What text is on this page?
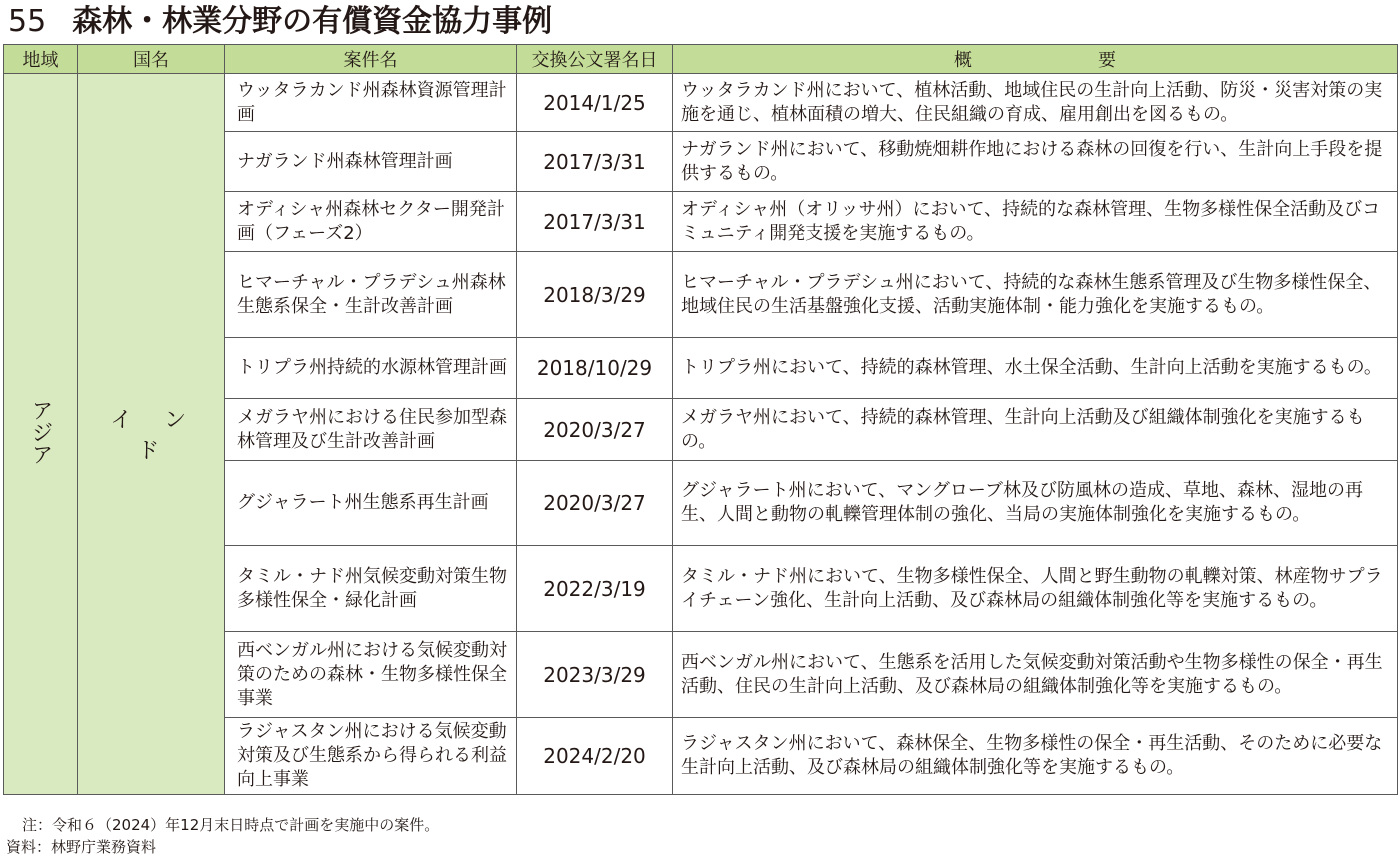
55 森林・林業分野の有償資金協力事例
地域	国名	案件名	交換公文署名日	概要
アジア	インド	ウッタラカンド州森林資源管理計画	2014/1/25	ウッタラカンド州において、植林活動、地域住民の生計向上活動、防災・災害対策の実施を通じ、植林面積の増大、住民組織の育成、雇用創出を図るもの。
		ナガランド州森林管理計画	2017/3/31	ナガランド州において、移動焼畑耕作地における森林の回復を行い、生計向上手段を提供するもの。
		オディシャ州森林セクター開発計画（フェーズ2）	2017/3/31	オディシャ州（オリッサ州）において、持続的な森林管理、生物多様性保全活動及びコミュニティ開発支援を実施するもの。
		ヒマーチャル・プラデシュ州森林生態系保全・生計改善計画	2018/3/29	ヒマーチャル・プラデシュ州において、持続的な森林生態系管理及び生物多様性保全、地域住民の生活基盤強化支援、活動実施体制・能力強化を実施するもの。
		トリプラ州持続的水源林管理計画	2018/10/29	トリプラ州において、持続的森林管理、水土保全活動、生計向上活動を実施するもの。
		メガラヤ州における住民参加型森林管理及び生計改善計画	2020/3/27	メガラヤ州において、持続的森林管理、生計向上活動及び組織体制強化を実施するもの。
		グジャラート州生態系再生計画	2020/3/27	グジャラート州において、マングローブ林及び防風林の造成、草地、森林、湿地の再生、人間と動物の軋轢管理体制の強化、当局の実施体制強化を実施するもの。
		タミル・ナド州気候変動対策生物多様性保全・緑化計画	2022/3/19	タミル・ナド州において、生物多様性保全、人間と野生動物の軋轢対策、林産物サプライチェーン強化、生計向上活動、及び森林局の組織体制強化等を実施するもの。
		西ベンガル州における気候変動対策のための森林・生物多様性保全事業	2023/3/29	西ベンガル州において、生態系を活用した気候変動対策活動や生物多様性の保全・再生活動、住民の生計向上活動、及び森林局の組織体制強化等を実施するもの。
		ラジャスタン州における気候変動対策及び生態系から得られる利益向上事業	2024/2/20	ラジャスタン州において、森林保全、生物多様性の保全・再生活動、そのために必要な生計向上活動、及び森林局の組織体制強化等を実施するもの。
注：令和６（2024）年12月末日時点で計画を実施中の案件。
資料：林野庁業務資料
